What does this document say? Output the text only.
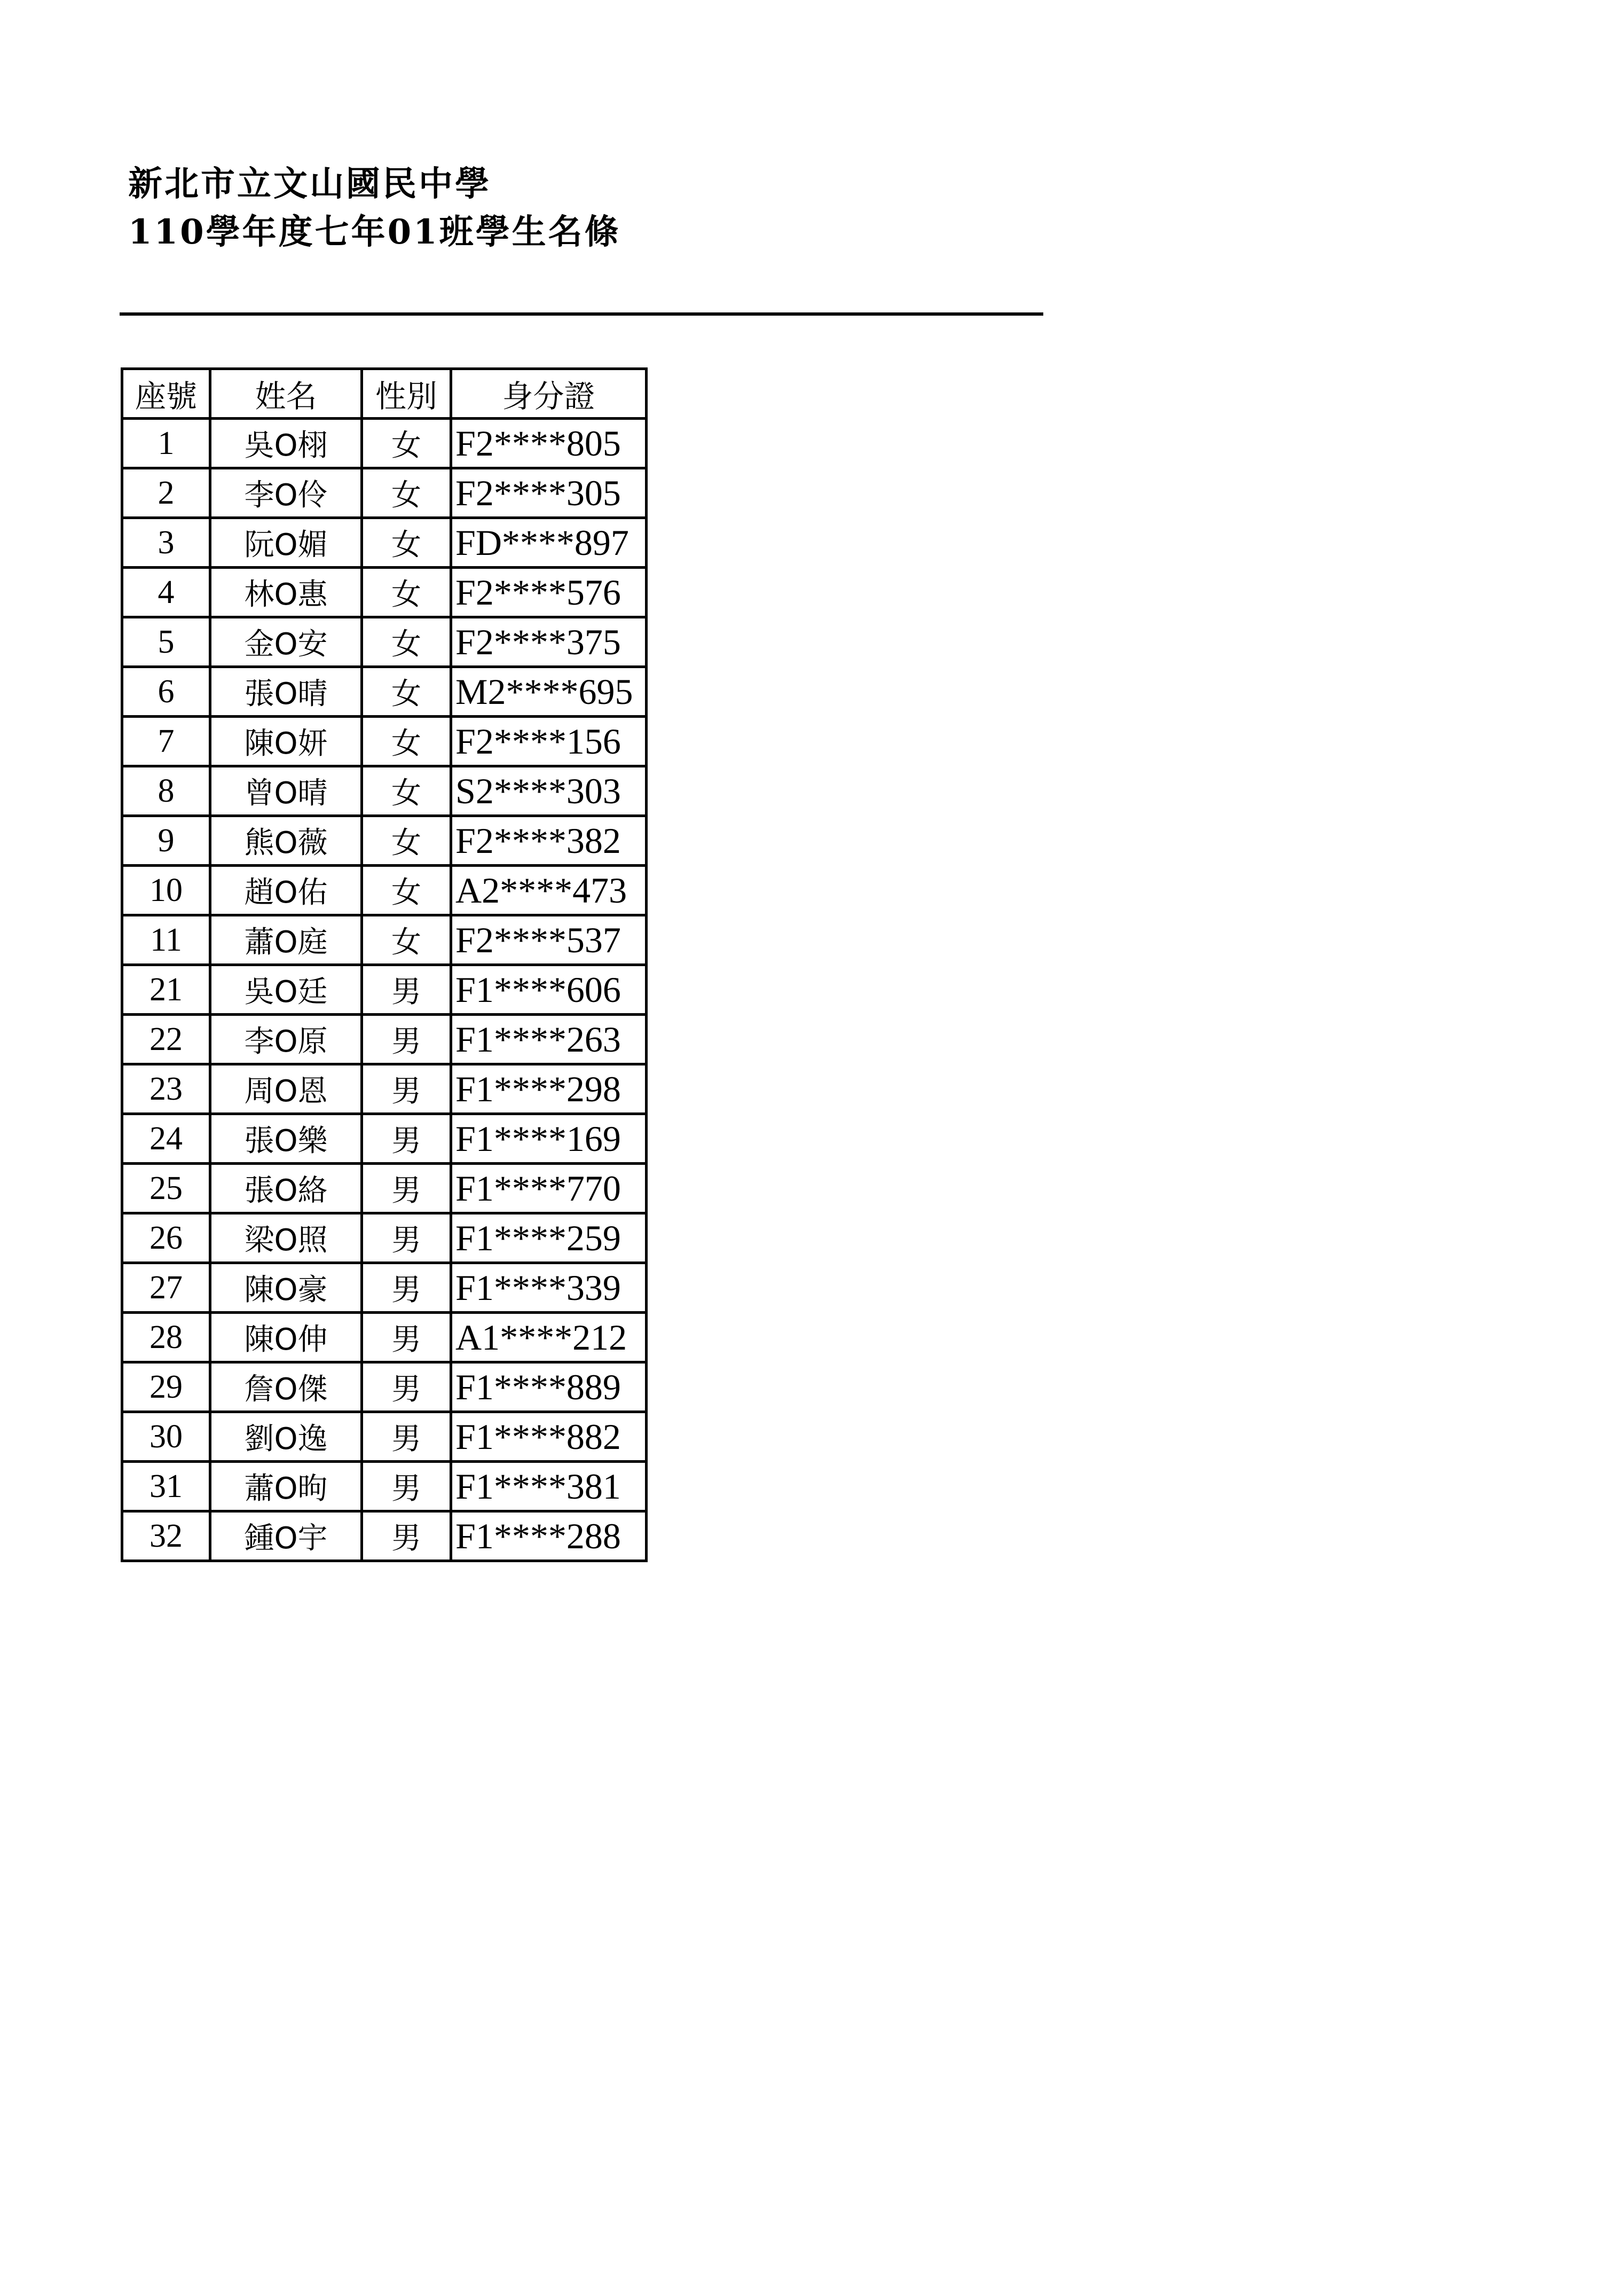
新北市立文山國民中學
110學年度七年01班學生名條
座號	姓名	性別	身分證
1	吳O栩	女	F2****805
2	李O伶	女	F2****305
3	阮O媚	女	FD****897
4	林O惠	女	F2****576
5	金O安	女	F2****375
6	張O晴	女	M2****695
7	陳O妍	女	F2****156
8	曾O晴	女	S2****303
9	熊O薇	女	F2****382
10	趙O佑	女	A2****473
11	蕭O庭	女	F2****537
21	吳O廷	男	F1****606
22	李O原	男	F1****263
23	周O恩	男	F1****298
24	張O樂	男	F1****169
25	張O絡	男	F1****770
26	梁O照	男	F1****259
27	陳O豪	男	F1****339
28	陳O伸	男	A1****212
29	詹O傑	男	F1****889
30	劉O逸	男	F1****882
31	蕭O昫	男	F1****381
32	鍾O宇	男	F1****288
